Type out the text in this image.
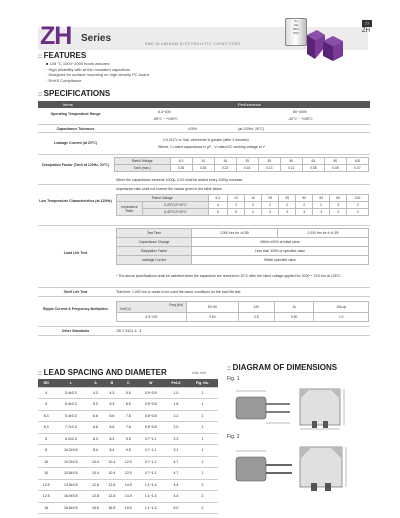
ZH Series	SMD ALUMINUM ELECTROLYTIC CAPACITORS
Zo
ZH
56U
50V
77
ZH
:: FEATURES
■ 105 °C 1000~2000 hours assured
· High reliability with at thin insulated capacitors
· Designed for surface mounting on high density PC board
· RoHS Compliance
:: SPECIFICATIONS
Items	Performance
Operating Temperature Range	6.3~63V
-55°C ~ +105°C
80~400V
-40°C ~ +105°C
Capacitance Tolerance	±20%	(at 120Hz, 20°C)
Leakage Current (at 20°C)
I=0.01CV or 3uA, whichever is greater (after 2 minutes)
Where, C=rated capacitance in μF , V=rated DC working voltage in V
Dissipation Factor (Tanδ at 120Hz, 20°C)
Rated Voltage	6.3	10	16	25	35	50	63	80	100
Tanδ (max.)	0.30	0.26	0.22	0.16	0.13	0.12	0.08	0.08	0.07
When the capacitance exceeds 1000μ, 0.02 shall be added every 1000μ increase
Low Temperature Characteristics (at 120Hz)
Impedance ratio shall not exceed the values given in the table below
Rated Voltage		6.3	10	16	25	35	50	63	80	100
Impedance Ratio	Z-25°C/Z+20°C	4	3	2	2	2	2	2	3	3
	Z-40°C/Z+20°C	8	6	4	3	3	3	3	3	3
Load Life Test
Test Time	2,000 Hrs for >6.3Φ	2,000 Hrs for 4~6.3Φ
Capacitance Change	Within ±30% of initial value	
Dissipation Factor	Less than 300% of specified value	
Leakage Current	Within specified value	
* The above specifications shall be satisfied when the capacitors are restored to 20°C after the rated voltage applied for 2000 + 72/0 hrs at 105°C.
Shelf Life Test	Test time: 1,000 hrs or under to be used the same conditions for the load life test
Ripple Current & Frequency Multipliers
Freq.(Hz)
Volt.(V)	50~60	120	1k	10k up
6.3~100	0.64	0.8	0.90	1.0
Other Standards	JIS C 5101-1, -4
:: LEAD SPACING AND DIAMETER	Unit: mm
ΦD	L	A	B	C	W	P±0.2	Fig. No.
4	5.4±0.3	4.3	4.3	5.5	0.5~0.8	1.0	1
5	5.4±0.3	5.3	5.3	6.5	0.5~0.8	1.5	1
6.3	5.4±0.3	6.6	6.6	7.8	0.5~0.8	2.2	1
6.3	7.7±0.3	6.6	6.6	7.8	0.5~0.8	2.0	1
8	6.2±0.3	8.3	8.3	9.5	0.7~1.1	2.2	1
8	10.2±0.5	8.4	8.4	9.5	0.7~1.1	3.1	1
10	10.2±0.5	10.4	10.4	12.0	0.7~1.1	4.7	1
10	10.5±0.5	10.4	10.4	12.0	0.7~1.1	4.7	1
12.5	13.5±0.5	12.8	12.8	14.9	1.1~1.4	4.4	2
12.5	16.5±0.5	12.8	12.8	14.9	1.1~1.4	4.4	2
16	16.5±0.5	16.8	16.8	19.0	1.1~1.4	6.0	2
:: DIAGRAM OF DIMENSIONS
Fig. 1
Fig. 2
